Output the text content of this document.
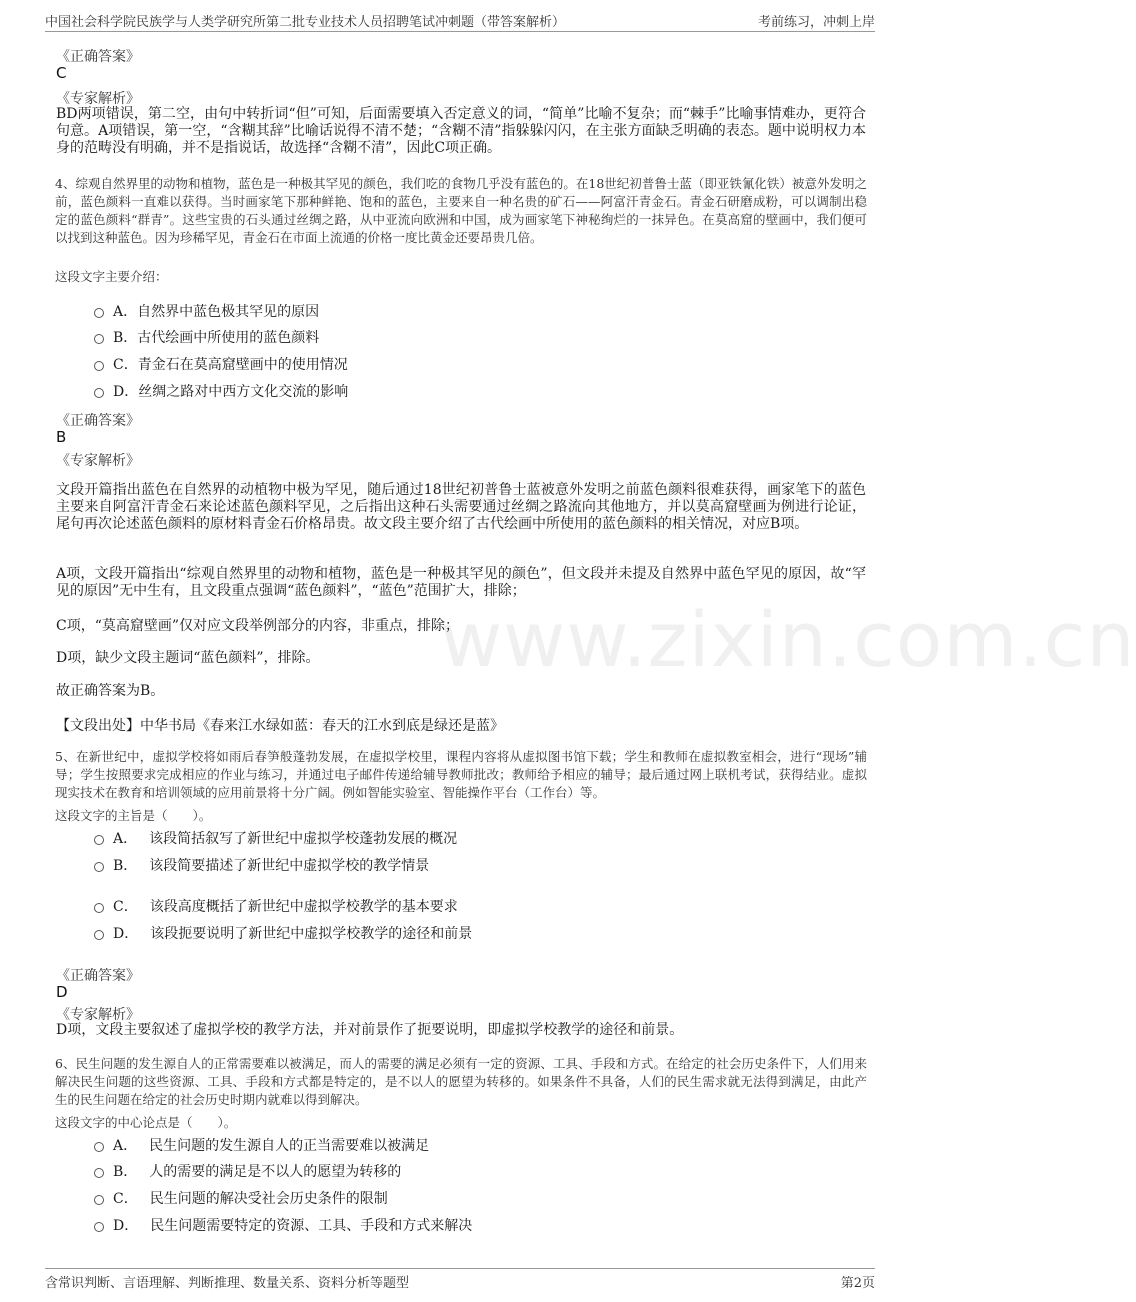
中国社会科学院民族学与人类学研究所第二批专业技术人员招聘笔试冲刺题（带答案解析）	考前练习，冲刺上岸
www.zixin.com.cn
《正确答案》
C
《专家解析》
BD两项错误，第二空，由句中转折词“但”可知，后面需要填入否定意义的词，“简单”比喻不复杂；而“棘手”比喻事情难办，更符合句意。A项错误，第一空，“含糊其辞”比喻话说得不清不楚；“含糊不清”指躲躲闪闪，在主张方面缺乏明确的表态。题中说明权力本身的范畴没有明确，并不是指说话，故选择“含糊不清”，因此C项正确。
4、综观自然界里的动物和植物，蓝色是一种极其罕见的颜色，我们吃的食物几乎没有蓝色的。在18世纪初普鲁士蓝（即亚铁氰化铁）被意外发明之前，蓝色颜料一直难以获得。当时画家笔下那种鲜艳、饱和的蓝色，主要来自一种名贵的矿石——阿富汗青金石。青金石研磨成粉，可以调制出稳定的蓝色颜料“群青”。这些宝贵的石头通过丝绸之路，从中亚流向欧洲和中国，成为画家笔下神秘绚烂的一抹异色。在莫高窟的壁画中，我们便可以找到这种蓝色。因为珍稀罕见，青金石在市面上流通的价格一度比黄金还要昂贵几倍。
这段文字主要介绍：
A． 自然界中蓝色极其罕见的原因
B． 古代绘画中所使用的蓝色颜料
C． 青金石在莫高窟壁画中的使用情况
D． 丝绸之路对中西方文化交流的影响
《正确答案》
B
《专家解析》
文段开篇指出蓝色在自然界的动植物中极为罕见，随后通过18世纪初普鲁士蓝被意外发明之前蓝色颜料很难获得，画家笔下的蓝色主要来自阿富汗青金石来论述蓝色颜料罕见，之后指出这种石头需要通过丝绸之路流向其他地方，并以莫高窟壁画为例进行论证，尾句再次论述蓝色颜料的原材料青金石价格昂贵。故文段主要介绍了古代绘画中所使用的蓝色颜料的相关情况，对应B项。
A项，文段开篇指出“综观自然界里的动物和植物，蓝色是一种极其罕见的颜色”，但文段并未提及自然界中蓝色罕见的原因，故“罕见的原因”无中生有，且文段重点强调“蓝色颜料”，“蓝色”范围扩大，排除；
C项，“莫高窟壁画”仅对应文段举例部分的内容，非重点，排除；
D项，缺少文段主题词“蓝色颜料”，排除。
故正确答案为B。
【文段出处】中华书局《春来江水绿如蓝：春天的江水到底是绿还是蓝》
5、在新世纪中，虚拟学校将如雨后春笋般蓬勃发展，在虚拟学校里，课程内容将从虚拟图书馆下载；学生和教师在虚拟教室相会，进行“现场”辅导；学生按照要求完成相应的作业与练习，并通过电子邮件传递给辅导教师批改；教师给予相应的辅导；最后通过网上联机考试，获得结业。虚拟现实技术在教育和培训领域的应用前景将十分广阔。例如智能实验室、智能操作平台（工作台）等。
这段文字的主旨是（　　）。
A． 该段简括叙写了新世纪中虚拟学校蓬勃发展的概况
B． 该段简要描述了新世纪中虚拟学校的教学情景
C． 该段高度概括了新世纪中虚拟学校教学的基本要求
D． 该段扼要说明了新世纪中虚拟学校教学的途径和前景
《正确答案》
D
《专家解析》
D项，文段主要叙述了虚拟学校的教学方法，并对前景作了扼要说明，即虚拟学校教学的途径和前景。
6、民生问题的发生源自人的正常需要难以被满足，而人的需要的满足必须有一定的资源、工具、手段和方式。在给定的社会历史条件下，人们用来解决民生问题的这些资源、工具、手段和方式都是特定的，是不以人的愿望为转移的。如果条件不具备，人们的民生需求就无法得到满足，由此产生的民生问题在给定的社会历史时期内就难以得到解决。
这段文字的中心论点是（　　）。
A． 民生问题的发生源自人的正当需要难以被满足
B． 人的需要的满足是不以人的愿望为转移的
C． 民生问题的解决受社会历史条件的限制
D． 民生问题需要特定的资源、工具、手段和方式来解决
含常识判断、言语理解、判断推理、数量关系、资料分析等题型	第2页
